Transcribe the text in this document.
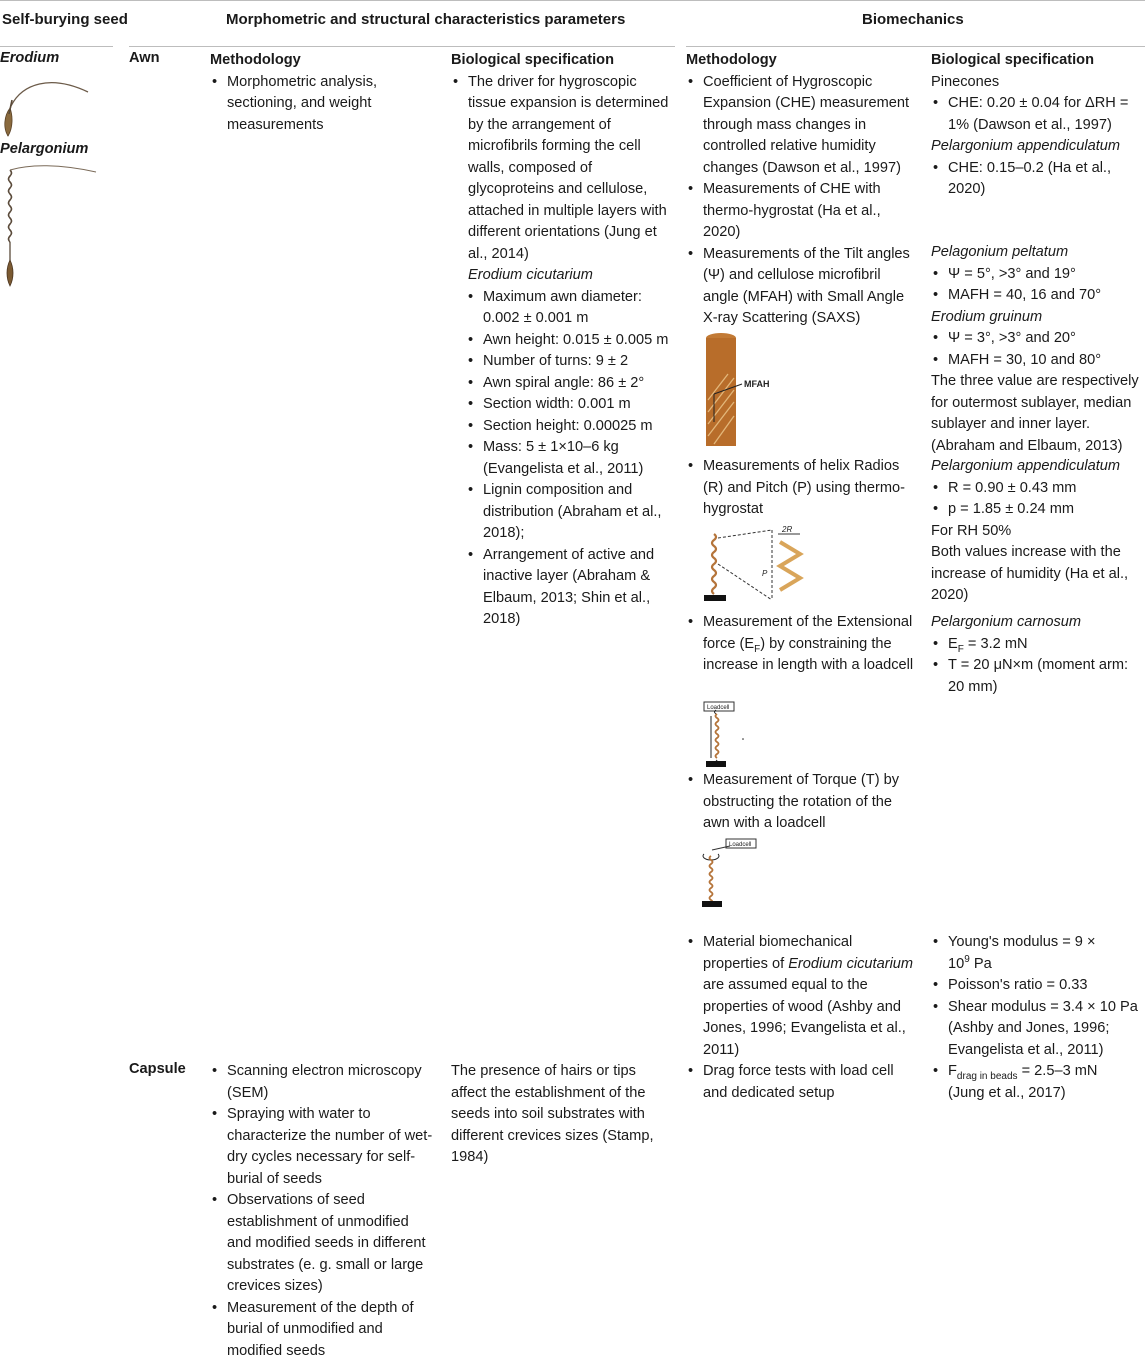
Self-burying seed	Morphometric and structural characteristics parameters	Biomechanics
Erodium
Pelargonium
Awn	Methodology
• Morphometric analysis, sectioning, and weight measurements
Biological specification
• The driver for hygroscopic tissue expansion is determined by the arrangement of microfibrils forming the cell walls, composed of glycoproteins and cellulose, attached in multiple layers with different orientations (Jung et al., 2014)
Erodium cicutarium
• Maximum awn diameter: 0.002 ± 0.001 m
• Awn height: 0.015 ± 0.005 m
• Number of turns: 9 ± 2
• Awn spiral angle: 86 ± 2°
• Section width: 0.001 m
• Section height: 0.00025 m
• Mass: 5 ± 1×10–6 kg (Evangelista et al., 2011)
• Lignin composition and distribution (Abraham et al., 2018);
• Arrangement of active and inactive layer (Abraham & Elbaum, 2013; Shin et al., 2018)
Methodology
• Coefficient of Hygroscopic Expansion (CHE) measurement through mass changes in controlled relative humidity changes (Dawson et al., 1997)
• Measurements of CHE with thermo-hygrostat (Ha et al., 2020)
• Measurements of the Tilt angles (Ψ) and cellulose microfibril angle (MFAH) with Small Angle X-ray Scattering (SAXS)
MFAH
• Measurements of helix Radios (R) and Pitch (P) using thermo-hygrostat
2R
P
• Measurement of the Extensional force $(E_F)$ by constraining the increase in length with a loadcell
Loadcell
• Measurement of Torque (T) by obstructing the rotation of the awn with a loadcell
Loadcell
• Material biomechanical properties of Erodium cicutarium are assumed equal to the properties of wood (Ashby and Jones, 1996; Evangelista et al., 2011)
Biological specification
Pinecones
• CHE: 0.20 ± 0.04 for ΔRH =
1% (Dawson et al., 1997)
Pelargonium appendiculatum
• CHE: 0.15–0.2 (Ha et al.,
2020)
Pelagonium peltatum
• Ψ = 5°, >3° and 19°
• MAFH = 40, 16 and 70°
Erodium gruinum
• Ψ = 3°, >3° and 20°
• MAFH = 30, 10 and 80°
The three value are respectively
for outermost sublayer, median
sublayer and inner layer.
(Abraham and Elbaum, 2013)
Pelargonium appendiculatum
• R = 0.90 ± 0.43 mm
• p = 1.85 ± 0.24 mm
For RH 50%
Both values increase with the
increase of humidity (Ha et al.,
2020)
Pelargonium carnosum
• $E_F = 3.2$ mN
• T = 20 μN×m (moment arm:
20 mm)
• Young's modulus = 9 ×
$10^9$ Pa
• Poisson's ratio = 0.33
• Shear modulus = 3.4 × 10 Pa
(Ashby and Jones, 1996;
Evangelista et al., 2011)
Capsule
•	Scanning electron microscopy (SEM)
• Spraying with water to characterize the number of wet-dry cycles necessary for self-burial of seeds
• Observations of seed establishment of unmodified and modified seeds in different substrates (e. g. small or large crevices sizes)
• Measurement of the depth of burial of unmodified and modified seeds
The presence of hairs or tips affect the establishment of the seeds into soil substrates with different crevices sizes (Stamp, 1984)
• Drag force tests with load cell and dedicated setup
• $F_{drag in beads} = 2.5-3$ mN
(Jung et al., 2017)
